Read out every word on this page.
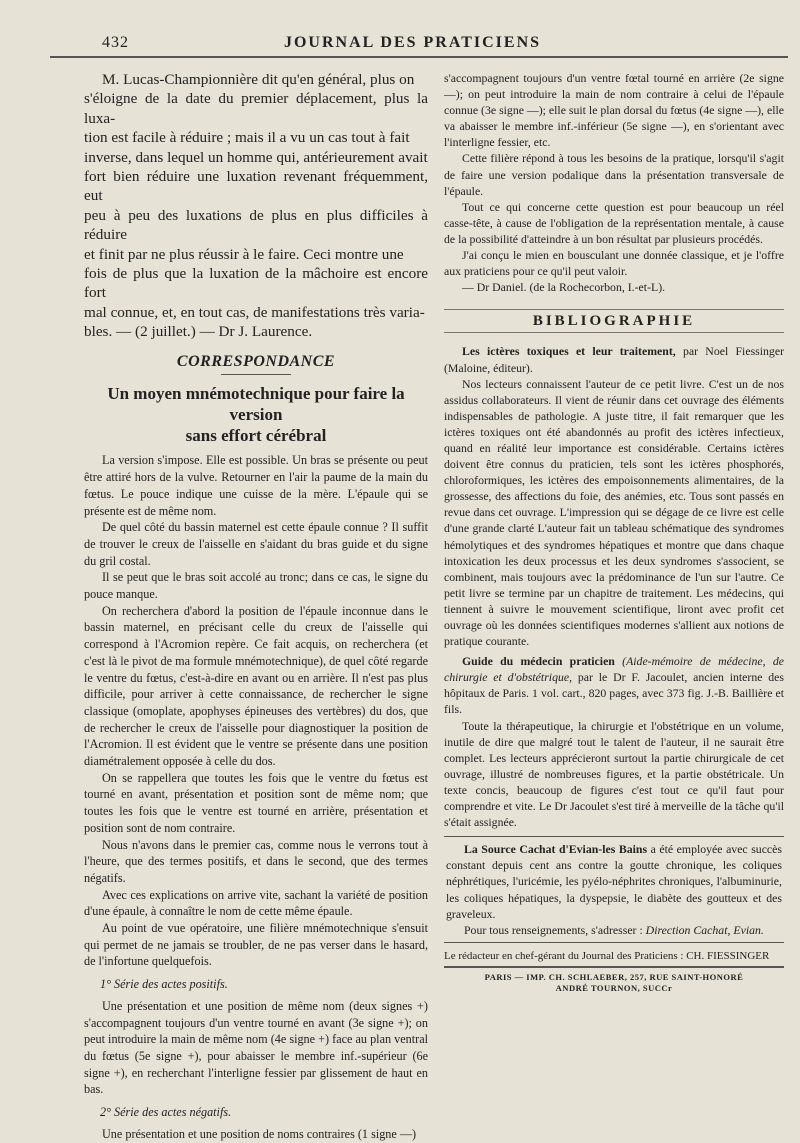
432	JOURNAL DES PRATICIENS
M. Lucas-Championnière dit qu'en général, plus on
s'éloigne de la date du premier déplacement, plus la luxa-
tion est facile à réduire ; mais il a vu un cas tout à fait
inverse, dans lequel un homme qui, antérieurement avait
fort bien réduire une luxation revenant fréquemment, eut
peu à peu des luxations de plus en plus difficiles à réduire
et finit par ne plus réussir à le faire. Ceci montre une
fois de plus que la luxation de la mâchoire est encore fort
mal connue, et, en tout cas, de manifestations très varia-
bles. — (2 juillet.) — Dr J. Laurence.
CORRESPONDANCE
Un moyen mnémotechnique pour faire la version
sans effort cérébral

La version s'impose. Elle est possible. Un bras se présente ou peut être attiré hors de la vulve. Retourner en l'air la paume de la main du fœtus. Le pouce indique une cuisse de la mère. L'épaule qui se présente est de même nom.

De quel côté du bassin maternel est cette épaule connue ? Il suffit de trouver le creux de l'aisselle en s'aidant du bras guide et du signe du gril costal.

Il se peut que le bras soit accolé au tronc; dans ce cas, le signe du pouce manque.

On recherchera d'abord la position de l'épaule inconnue dans le bassin maternel, en précisant celle du creux de l'aisselle qui correspond à l'Acromion repère. Ce fait acquis, on recherchera (et c'est là le pivot de ma formule mnémotechnique), de quel côté regarde le ventre du fœtus, c'est-à-dire en avant ou en arrière. Il n'est pas plus difficile, pour arriver à cette connaissance, de rechercher le signe classique (omoplate, apophyses épineuses des vertèbres) du dos, que de rechercher le creux de l'aisselle pour diagnostiquer la position de l'Acromion. Il est évident que le ventre se présente dans une position diamétralement opposée à celle du dos.

On se rappellera que toutes les fois que le ventre du fœtus est tourné en avant, présentation et position sont de même nom; que toutes les fois que le ventre est tourné en arrière, présentation et position sont de nom contraire.

Nous n'avons dans le premier cas, comme nous le verrons tout à l'heure, que des termes positifs, et dans le second, que des termes négatifs.

Avec ces explications on arrive vite, sachant la variété de position d'une épaule, à connaître le nom de cette même épaule.

Au point de vue opératoire, une filière mnémotechnique s'ensuit qui permet de ne jamais se troubler, de ne pas verser dans le hasard, de l'infortune quelquefois.

1° Série des actes positifs.

Une présentation et une position de même nom (deux signes +) s'accompagnent toujours d'un ventre tourné en avant (3e signe +); on peut introduire la main de même nom (4e signe +) face au plan ventral du fœtus (5e signe +), pour abaisser le membre inf.-supérieur (6e signe +), en recherchant l'interligne fessier par glissement de haut en bas.

2° Série des actes négatifs.

Une présentation et une position de noms contraires (1 signe —)

s'accompagnent toujours d'un ventre fœtal tourné en arrière (2e signe —); on peut introduire la main de nom contraire à celui de l'épaule connue (3e signe —); elle suit le plan dorsal du fœtus (4e signe —), elle va abaisser le membre inf.-inférieur (5e signe —), en s'orientant avec l'interligne fessier, etc.

Cette filière répond à tous les besoins de la pratique, lorsqu'il s'agit de faire une version podalique dans la présentation transversale de l'épaule.

Tout ce qui concerne cette question est pour beaucoup un réel casse-tête, à cause de l'obligation de la représentation mentale, à cause de la possibilité d'atteindre à un bon résultat par plusieurs procédés.

J'ai conçu le mien en bousculant une donnée classique, et je l'offre aux praticiens pour ce qu'il peut valoir.

— Dr Daniel. (de la Rochecorbon, I.-et-L).

BIBLIOGRAPHIE

Les ictères toxiques et leur traitement, par Noel Fiessinger (Maloine, éditeur).

Nos lecteurs connaissent l'auteur de ce petit livre. C'est un de nos assidus collaborateurs. Il vient de réunir dans cet ouvrage des éléments indispensables de pathologie. A juste titre, il fait remarquer que les ictères toxiques ont été abandonnés au profit des ictères infectieux, quand en réalité leur importance est considérable. Certains ictères doivent être connus du praticien, tels sont les ictères phosphorés, chloroformiques, les ictères des empoisonnements alimentaires, de la grossesse, des affections du foie, des anémies, etc. Tous sont passés en revue dans cet ouvrage. L'impression qui se dégage de ce livre est celle d'une grande clarté L'auteur fait un tableau schématique des syndromes hémolytiques et des syndromes hépatiques et montre que dans chaque intoxication les deux processus et les deux syndromes s'associent, se combinent, mais toujours avec la prédominance de l'un sur l'autre. Ce petit livre se termine par un chapitre de traitement. Les médecins, qui tiennent à suivre le mouvement scientifique, liront avec profit cet ouvrage où les données scientifiques modernes s'allient aux notions de pratique courante.

Guide du médecin praticien (Aide-mémoire de médecine, de chirurgie et d'obstétrique, par le Dr F. Jacoulet, ancien interne des hôpitaux de Paris. 1 vol. cart., 820 pages, avec 373 fig. J.-B. Baillière et fils.

Toute la thérapeutique, la chirurgie et l'obstétrique en un volume, inutile de dire que malgré tout le talent de l'auteur, il ne saurait être complet. Les lecteurs apprécieront surtout la partie chirurgicale de cet ouvrage, illustré de nombreuses figures, et la partie obstétricale. Un texte concis, beaucoup de figures c'est tout ce qu'il faut pour comprendre et vite. Le Dr Jacoulet s'est tiré à merveille de la tâche qu'il s'était assignée.

La Source Cachat d'Evian-les Bains a été employée avec succès constant depuis cent ans contre la goutte chronique, les coliques néphrétiques, l'uricémie, les pyélo-néphrites chroniques, l'albuminurie, les coliques hépatiques, la dyspepsie, le diabète des goutteux et des graveleux.

Pour tous renseignements, s'adresser : Direction Cachat, Evian.

Le rédacteur en chef-gérant du Journal des Praticiens : CH. FIESSINGER

PARIS — IMP. CH. SCHLAEBER, 257, RUE SAINT-HONORÉ

ANDRÉ TOURNON, SUCCr
